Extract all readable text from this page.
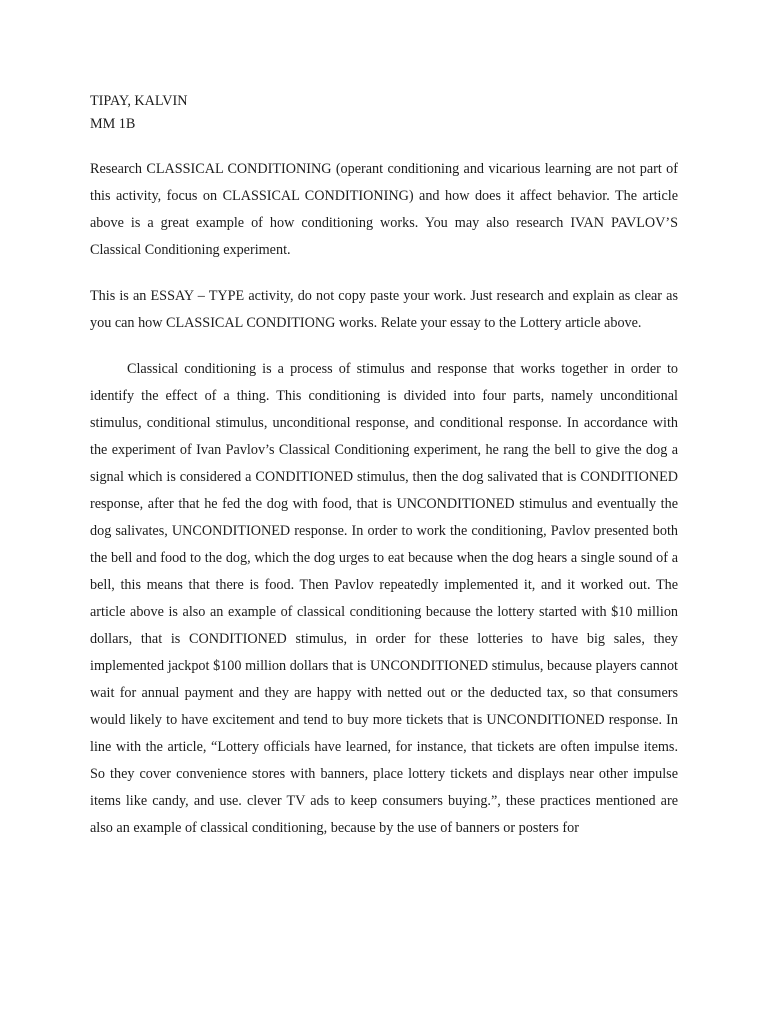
TIPAY, KALVIN

MM 1B

Research CLASSICAL CONDITIONING (operant conditioning and vicarious learning are not part of this activity, focus on CLASSICAL CONDITIONING) and how does it affect behavior. The article above is a great example of how conditioning works. You may also research IVAN PAVLOV’S Classical Conditioning experiment.

This is an ESSAY – TYPE activity, do not copy paste your work. Just research and explain as clear as you can how CLASSICAL CONDITIONG works. Relate your essay to the Lottery article above.

Classical conditioning is a process of stimulus and response that works together in order to identify the effect of a thing. This conditioning is divided into four parts, namely unconditional stimulus, conditional stimulus, unconditional response, and conditional response. In accordance with the experiment of Ivan Pavlov’s Classical Conditioning experiment, he rang the bell to give the dog a signal which is considered a CONDITIONED stimulus, then the dog salivated that is CONDITIONED response, after that he fed the dog with food, that is UNCONDITIONED stimulus and eventually the dog salivates, UNCONDITIONED response. In order to work the conditioning, Pavlov presented both the bell and food to the dog, which the dog urges to eat because when the dog hears a single sound of a bell, this means that there is food. Then Pavlov repeatedly implemented it, and it worked out. The article above is also an example of classical conditioning because the lottery started with $10 million dollars, that is CONDITIONED stimulus, in order for these lotteries to have big sales, they implemented jackpot $100 million dollars that is UNCONDITIONED stimulus, because players cannot wait for annual payment and they are happy with netted out or the deducted tax, so that consumers would likely to have excitement and tend to buy more tickets that is UNCONDITIONED response. In line with the article, “Lottery officials have learned, for instance, that tickets are often impulse items. So they cover convenience stores with banners, place lottery tickets and displays near other impulse items like candy, and use. clever TV ads to keep consumers buying.”, these practices mentioned are also an example of classical conditioning, because by the use of banners or posters for
